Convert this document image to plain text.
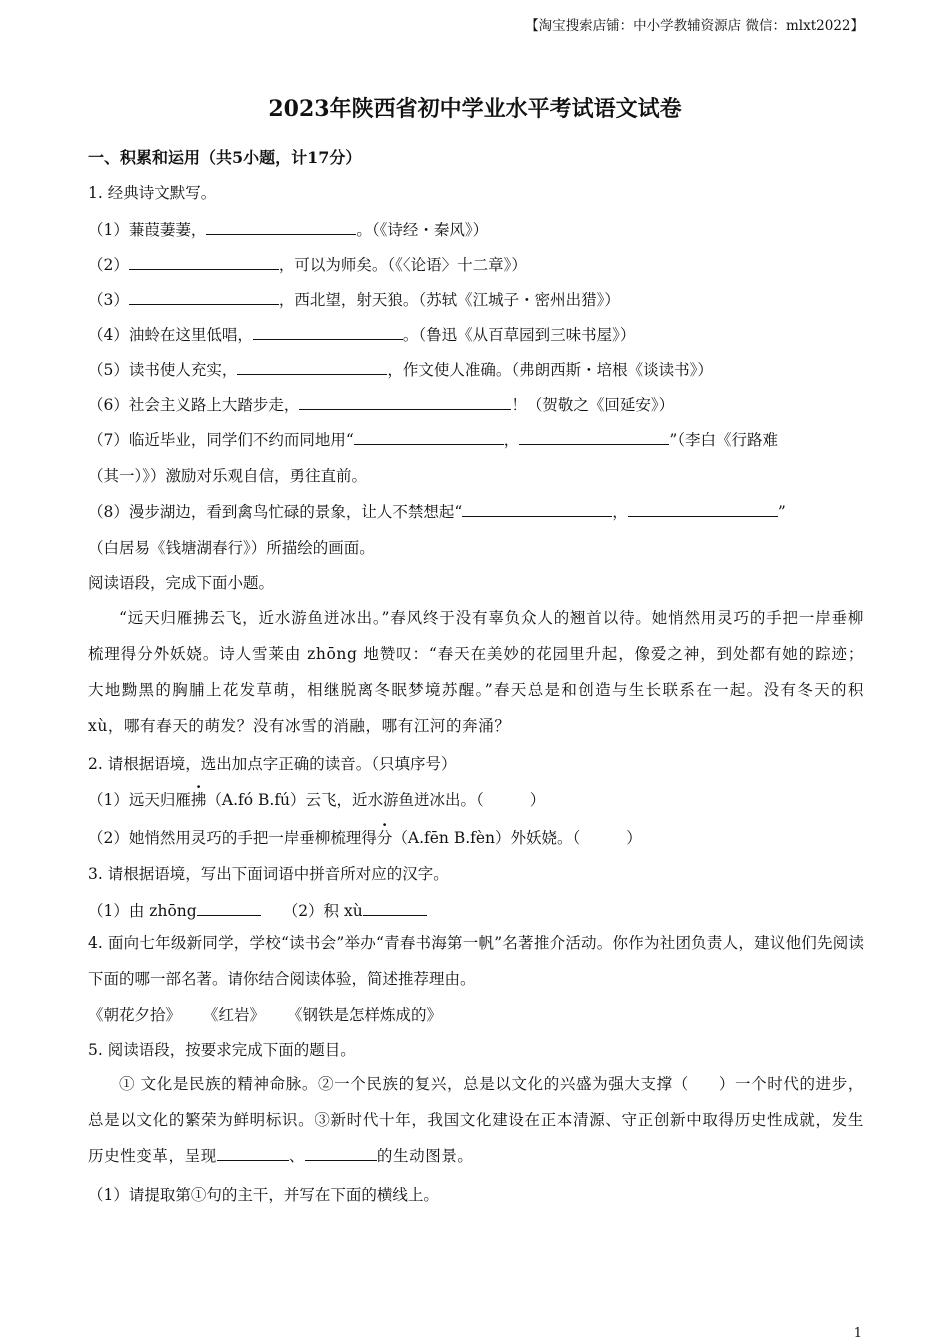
【淘宝搜索店铺：中小学教辅资源店 微信：mlxt2022】
2023年陕西省初中学业水平考试语文试卷
一、积累和运用（共5小题，计17分）
1. 经典诗文默写。
（1）蒹葭萋萋，	。（《诗经・秦风》）
（2）	，可以为师矣。（《〈论语〉十二章》）
（3）	，西北望，射天狼。（苏轼《江城子・密州出猎》）
（4）油蛉在这里低唱，	。（鲁迅《从百草园到三味书屋》）
（5）读书使人充实，	，作文使人准确。（弗朗西斯・培根《谈读书》）
（6）社会主义路上大踏步走，	！（贺敬之《回延安》）
（7）临近毕业，同学们不约而同地用“	，	”（李白《行路难
（其一）》）激励对乐观自信，勇往直前。
（8）漫步湖边，看到禽鸟忙碌的景象，让人不禁想起“	，	”
（白居易《钱塘湖春行》）所描绘的画面。
阅读语段，完成下面小题。

“远天归雁拂云飞，近水游鱼迸冰出。”春风终于没有辜负众人的翘首以待。她悄然用灵巧的手把一岸垂柳梳理得分外妖娆。诗人雪莱由 zhōng 地赞叹：“春天在美妙的花园里升起，像爱之神，到处都有她的踪迹；大地黝黑的胸脯上花发草萌，相继脱离冬眠梦境苏醒。”春天总是和创造与生长联系在一起。没有冬天的积 xù，哪有春天的萌发？没有冰雪的消融，哪有江河的奔涌？

2. 请根据语境，选出加点字正确的读音。（只填序号）
（1）远天归雁拂（A.fó B.fú）云飞，近水游鱼迸冰出。（	）
（2）她悄然用灵巧的手把一岸垂柳梳理得分（A.fēn B.fèn）外妖娆。（	）
3. 请根据语境，写出下面词语中拼音所对应的汉字。
（1）由 zhōng	（2）积 xù
4. 面向七年级新同学，学校“读书会”举办“青春书海第一帆”名著推介活动。你作为社团负责人，建议他们先阅读下面的哪一部名著。请你结合阅读体验，简述推荐理由。
《朝花夕拾》 《红岩》 《钢铁是怎样炼成的》
5. 阅读语段，按要求完成下面的题目。

① 文化是民族的精神命脉。②一个民族的复兴，总是以文化的兴盛为强大支撑（ ）一个时代的进步，总是以文化的繁荣为鲜明标识。③新时代十年，我国文化建设在正本清源、守正创新中取得历史性成就，发生历史性变革，呈现	、	的生动图景。

（1）请提取第①句的主干，并写在下面的横线上。
1
